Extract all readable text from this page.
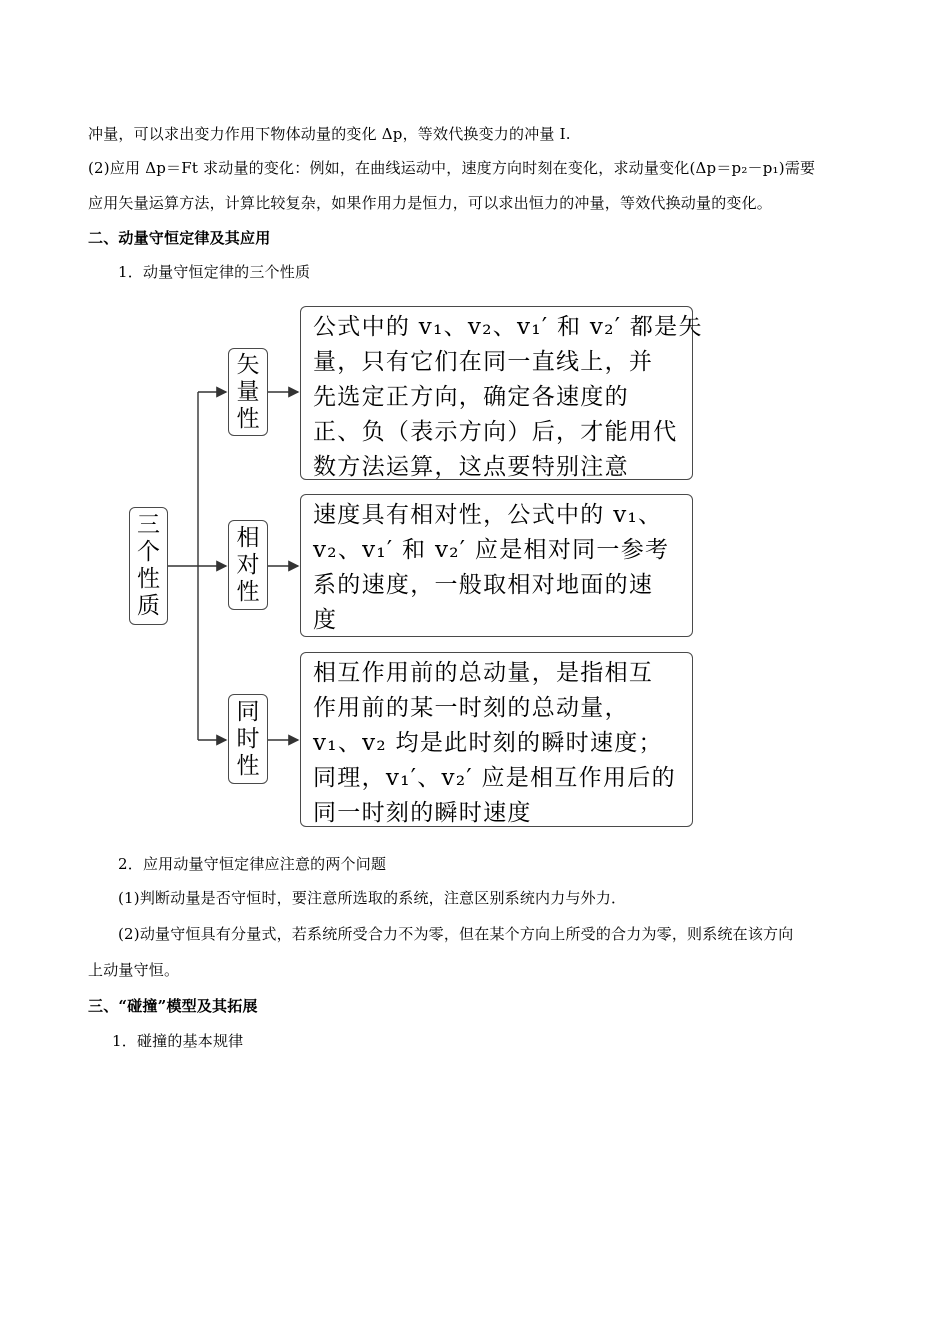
冲量，可以求出变力作用下物体动量的变化 Δp，等效代换变力的冲量 I.
(2)应用 Δp＝Ft 求动量的变化：例如，在曲线运动中，速度方向时刻在变化，求动量变化(Δp＝p₂－p₁)需要
应用矢量运算方法，计算比较复杂，如果作用力是恒力，可以求出恒力的冲量，等效代换动量的变化。
二、动量守恒定律及其应用
1．动量守恒定律的三个性质
三
个
性
质
矢
量
性
相
对
性
同
时
性
公式中的 v₁、v₂、v₁′ 和 v₂′ 都是矢
量，只有它们在同一直线上，并
先选定正方向，确定各速度的
正、负（表示方向）后，才能用代
数方法运算，这点要特别注意
速度具有相对性，公式中的 v₁、
v₂、v₁′ 和 v₂′ 应是相对同一参考
系的速度，一般取相对地面的速
度
相互作用前的总动量，是指相互
作用前的某一时刻的总动量，
v₁、v₂ 均是此时刻的瞬时速度；
同理，v₁′、v₂′ 应是相互作用后的
同一时刻的瞬时速度
2．应用动量守恒定律应注意的两个问题
(1)判断动量是否守恒时，要注意所选取的系统，注意区别系统内力与外力．
(2)动量守恒具有分量式，若系统所受合力不为零，但在某个方向上所受的合力为零，则系统在该方向
上动量守恒。
三、“碰撞”模型及其拓展
1．碰撞的基本规律
